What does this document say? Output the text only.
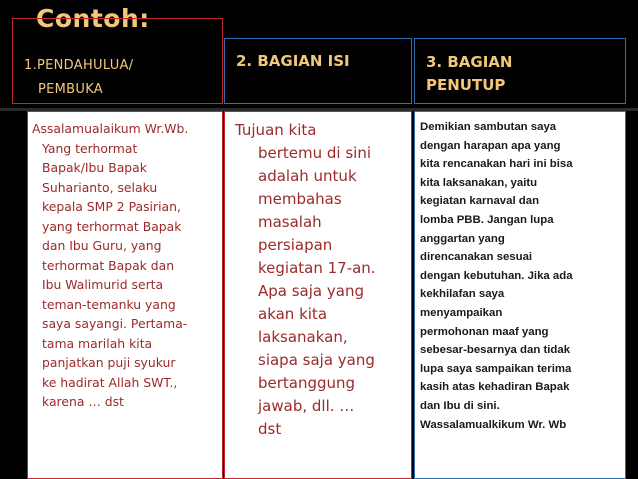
Contoh:
1.PENDAHULUA/
PEMBUKA
2. BAGIAN ISI	3. BAGIAN
PENUTUP
Assalamualaikum Wr.Wb.
Yang terhormat
Bapak/Ibu Bapak
Suharianto, selaku
kepala SMP 2 Pasirian,
yang terhormat Bapak
dan Ibu Guru, yang
terhormat Bapak dan
Ibu Walimurid serta
teman-temanku yang
saya sayangi. Pertama-
tama marilah kita
panjatkan puji syukur
ke hadirat Allah SWT.,
karena … dst
Tujuan kita
bertemu di sini
adalah untuk
membahas
masalah
persiapan
kegiatan 17-an.
Apa saja yang
akan kita
laksanakan,
siapa saja yang
bertanggung
jawab, dll. …
dst
Demikian sambutan saya
dengan harapan apa yang
kita rencanakan hari ini bisa
kita laksanakan, yaitu
kegiatan karnaval dan
lomba PBB. Jangan lupa
anggartan yang
direncanakan sesuai
dengan kebutuhan. Jika ada
kekhilafan saya
menyampaikan
permohonan maaf yang
sebesar-besarnya dan tidak
lupa saya sampaikan terima
kasih atas kehadiran Bapak
dan Ibu di sini.
Wassalamualkikum Wr. Wb
